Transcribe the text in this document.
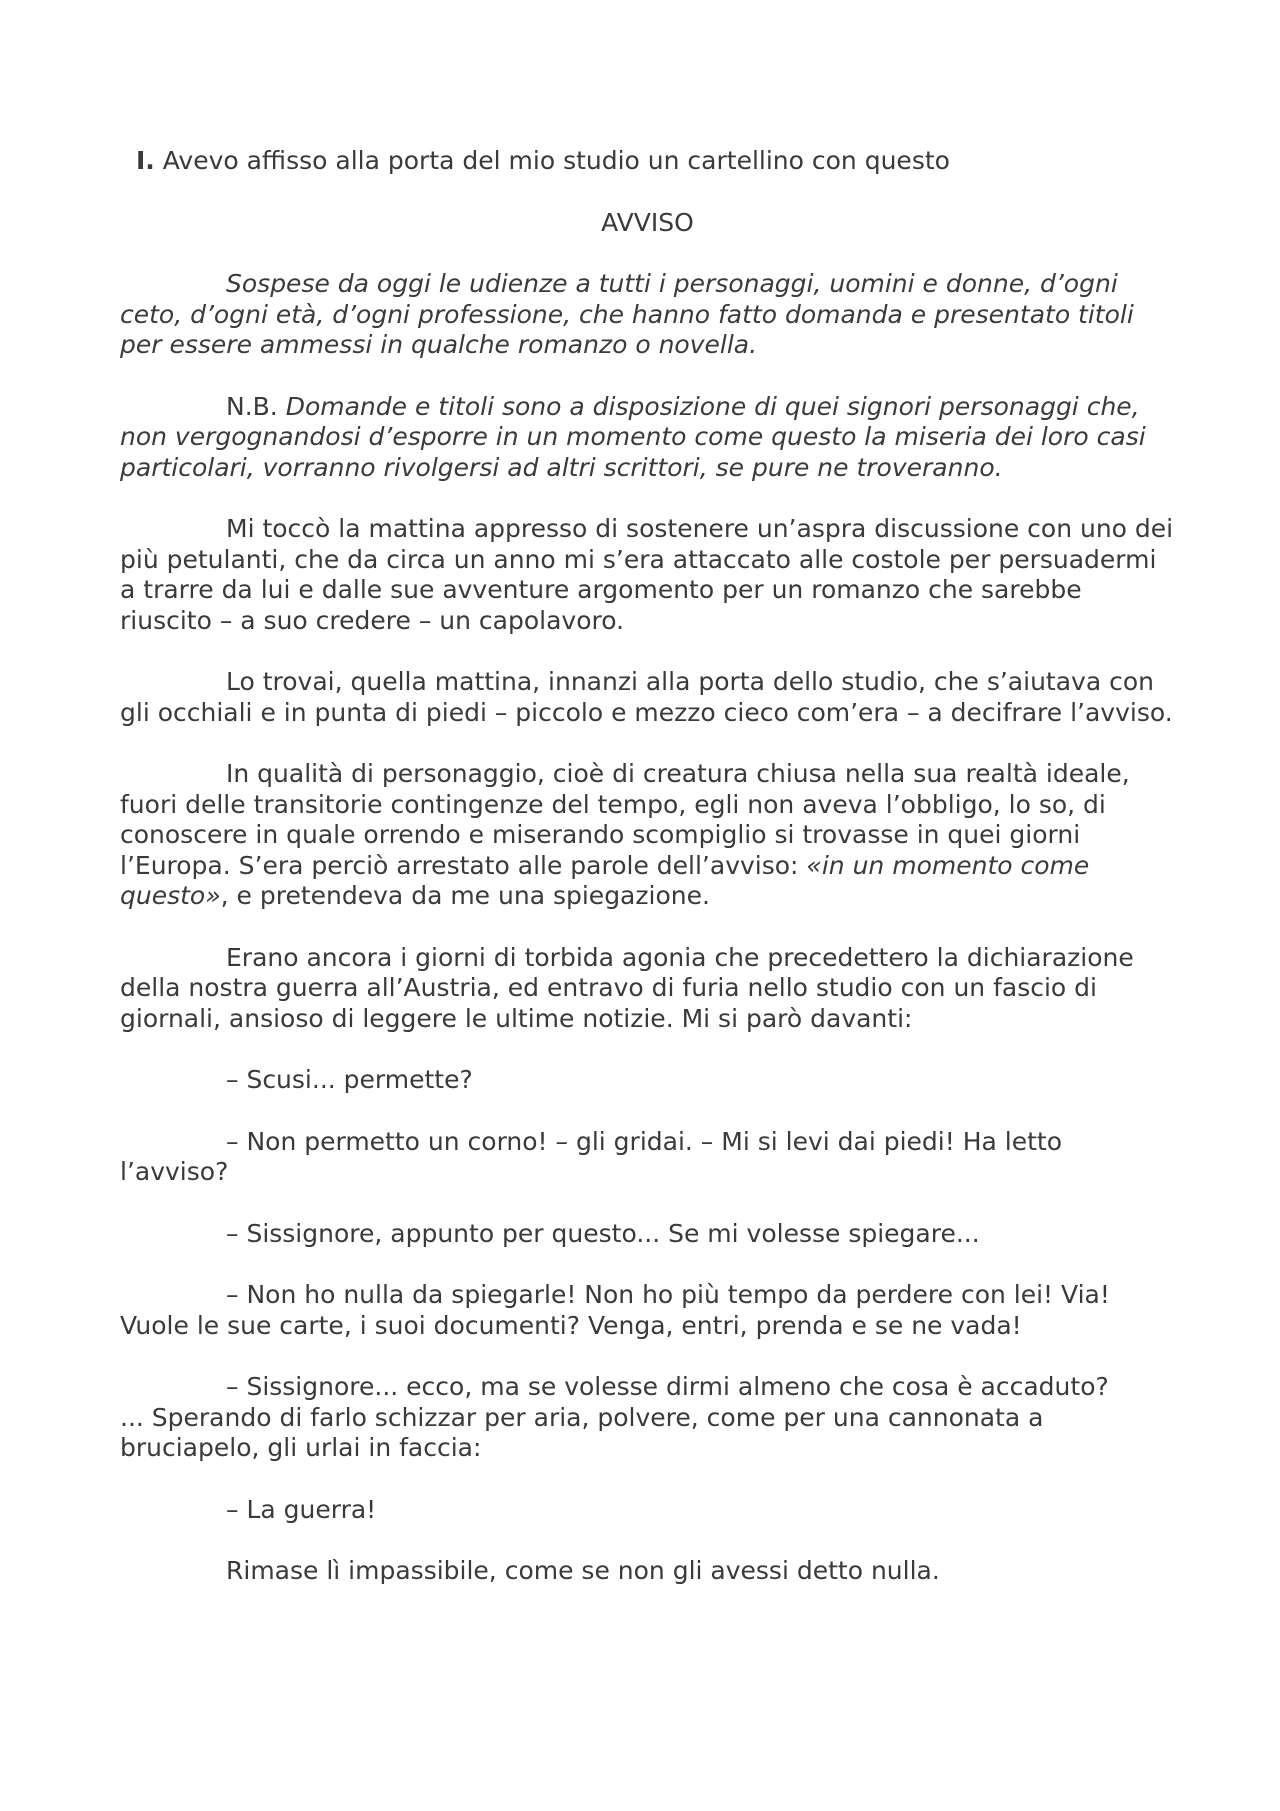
I. Avevo affisso alla porta del mio studio un cartellino con questo

AVVISO

Sospese da oggi le udienze a tutti i personaggi, uomini e donne, d’ogni ceto, d’ogni età, d’ogni professione, che hanno fatto domanda e presentato titoli per essere ammessi in qualche romanzo o novella.

N.B. Domande e titoli sono a disposizione di quei signori personaggi che, non vergognandosi d’esporre in un momento come questo la miseria dei loro casi particolari, vorranno rivolgersi ad altri scrittori, se pure ne troveranno.

Mi toccò la mattina appresso di sostenere un’aspra discussione con uno dei più petulanti, che da circa un anno mi s’era attaccato alle costole per persuadermi a trarre da lui e dalle sue avventure argomento per un romanzo che sarebbe riuscito – a suo credere – un capolavoro.

Lo trovai, quella mattina, innanzi alla porta dello studio, che s’aiutava con gli occhiali e in punta di piedi – piccolo e mezzo cieco com’era – a decifrare l’avviso.

In qualità di personaggio, cioè di creatura chiusa nella sua realtà ideale, fuori delle transitorie contingenze del tempo, egli non aveva l’obbligo, lo so, di conoscere in quale orrendo e miserando scompiglio si trovasse in quei giorni l’Europa. S’era perciò arrestato alle parole dell’avviso: «in un momento come questo», e pretendeva da me una spiegazione.

Erano ancora i giorni di torbida agonia che precedettero la dichiarazione della nostra guerra all’Austria, ed entravo di furia nello studio con un fascio di giornali, ansioso di leggere le ultime notizie. Mi si parò davanti:

– Scusi... permette?

– Non permetto un corno! – gli gridai. – Mi si levi dai piedi! Ha letto l’avviso?

– Sissignore, appunto per questo... Se mi volesse spiegare...

– Non ho nulla da spiegarle! Non ho più tempo da perdere con lei! Via! Vuole le sue carte, i suoi documenti? Venga, entri, prenda e se ne vada!

– Sissignore... ecco, ma se volesse dirmi almeno che cosa è accaduto?
... Sperando di farlo schizzar per aria, polvere, come per una cannonata a bruciapelo, gli urlai in faccia:

– La guerra!

Rimase lì impassibile, come se non gli avessi detto nulla.
